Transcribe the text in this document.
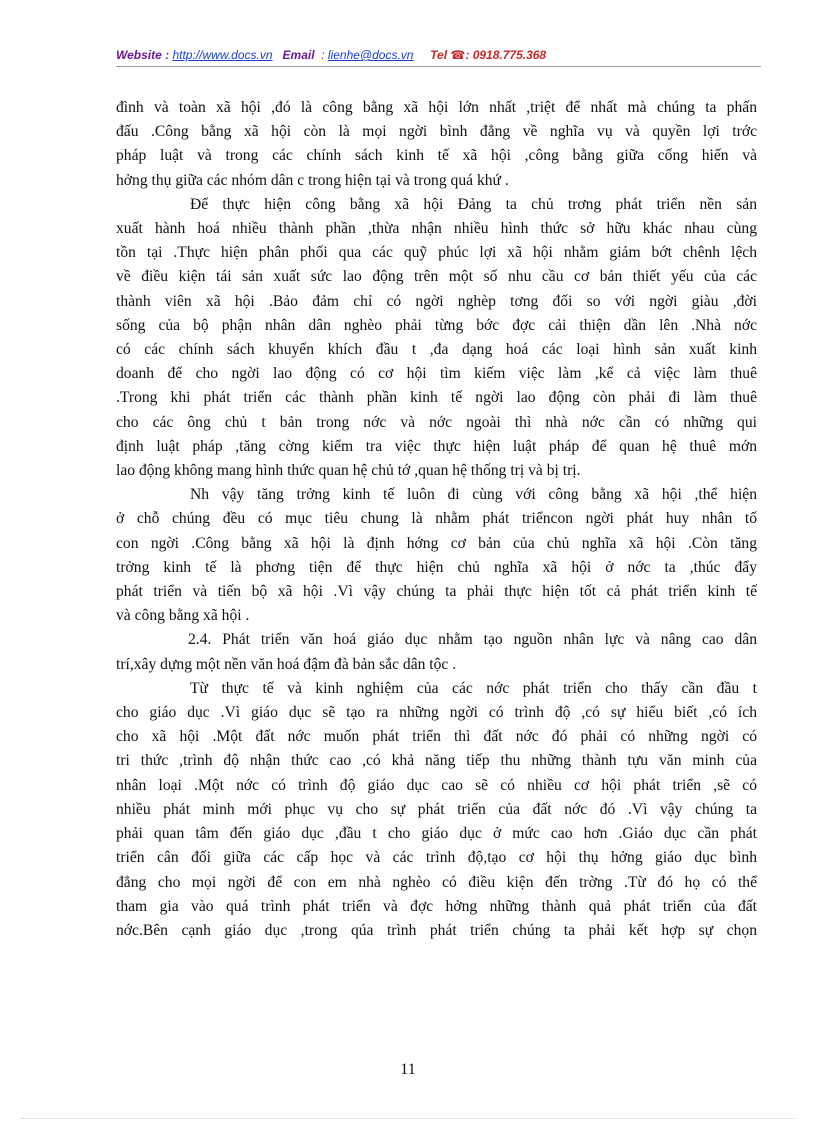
Website : http://www.docs.vn Email : lienhe@docs.vn Tel ☎: 0918.775.368
đình và toàn xã hội ,đó là công bằng xã hội lớn nhất ,triệt để nhất mà chúng ta phấn
đấu .Công bằng xã hội còn là mọi ngời bình đẳng về nghĩa vụ và quyền lợi trớc
pháp luật và trong các chính sách kinh tế xã hội ,công bằng giữa cống hiến và
hởng thụ giữa các nhóm dân c trong hiện tại và trong quá khứ .
Để thực hiện công bằng xã hội Đảng ta chủ trơng phát triển nền sản
xuất hành hoá nhiều thành phần ,thừa nhận nhiều hình thức sở hữu khác nhau cùng
tồn tại .Thực hiện phân phối qua các quỹ phúc lợi xã hội nhằm giảm bớt chênh lệch
về điều kiện tái sản xuất sức lao động trên một số nhu cầu cơ bản thiết yếu của các
thành viên xã hội .Bảo đảm chỉ có ngời nghèp tơng đối so với ngời giàu ,đời
sống của bộ phận nhân dân nghèo phải từng bớc đợc cải thiện dần lên .Nhà nớc
có các chính sách khuyến khích đầu t ,đa dạng hoá các loại hình sản xuất kinh
doanh để cho ngời lao động có cơ hội tìm kiếm việc làm ,kể cả việc làm thuê
.Trong khi phát triển các thành phần kinh tế ngời lao động còn phải đi làm thuê
cho các ông chủ t bản trong nớc và nớc ngoài thì nhà nớc cần có những qui
định luật pháp ,tăng cờng kiểm tra việc thực hiện luật pháp để quan hệ thuê mớn
lao động không mang hình thức quan hệ chủ tớ ,quan hệ thống trị và bị trị.
Nh vậy tăng trởng kinh tế luôn đi cùng với công bằng xã hội ,thể hiện
ở chỗ chúng đều có mục tiêu chung là nhằm phát triểncon ngời phát huy nhân tố
con ngời .Công bằng xã hội là định hớng cơ bản của chủ nghĩa xã hội .Còn tăng
trởng kinh tế là phơng tiện để thực hiện chủ nghĩa xã hội ở nớc ta ,thúc đẩy
phát triển và tiến bộ xã hội .Vì vậy chúng ta phải thực hiện tốt cả phát triển kinh tế
và công bằng xã hội .
2.4. Phát triển văn hoá giáo dục nhằm tạo nguồn nhân lực và nâng cao dân
trí,xây dựng một nền văn hoá đậm đà bản sắc dân tộc .
Từ thực tế và kinh nghiệm của các nớc phát triển cho thấy cần đầu t
cho giáo dục .Vì giáo dục sẽ tạo ra những ngời có trình độ ,có sự hiểu biết ,có ích
cho xã hội .Một đất nớc muốn phát triển thì đất nớc đó phải có những ngời có
tri thức ,trình độ nhận thức cao ,có khả năng tiếp thu những thành tựu văn minh của
nhân loại .Một nớc có trình độ giáo dục cao sẽ có nhiều cơ hội phát triển ,sẽ có
nhiều phát minh mới phục vụ cho sự phát triển của đất nớc đó .Vì vậy chúng ta
phải quan tâm đến giáo dục ,đầu t cho giáo dục ở mức cao hơn .Giáo dục cần phát
triển cân đối giữa các cấp học và các trình độ,tạo cơ hội thụ hởng giáo dục bình
đẳng cho mọi ngời để con em nhà nghèo có điều kiện đến trờng .Từ đó họ có thể
tham gia vào quá trình phát triển và đợc hởng những thành quả phát triển của đất
nớc.Bên cạnh giáo dục ,trong qúa trình phát triển chúng ta phải kết hợp sự chọn
11
